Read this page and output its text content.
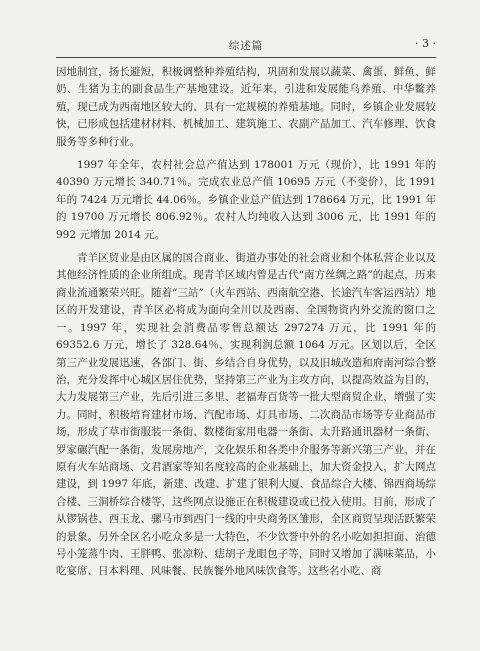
综述篇	· 3 ·

因地制宜，扬长避短，积极调整种养殖结构，巩固和发展以蔬菜、禽蛋、鲜鱼、鲜奶、生猪为主的副食品生产基地建设。近年来，引进和发展能乌养殖、中华鳖养殖，现已成为西南地区较大的、具有一定规模的养殖基地。同时，乡镇企业发展较快，已形成包括建材材料、机械加工、建筑施工、农副产品加工、汽车修理、饮食服务等多种行业。

1997 年全年，农村社会总产值达到 178001 万元（现价），比 1991 年的 40390 万元增长 340.71％。完成农业总产值 10695 万元（不变价），比 1991 年的 7424 万元增长 44.06％。乡镇企业总产值达到 178664 万元，比 1991 年的 19700 万元增长 806.92％。农村人均纯收入达到 3006 元，比 1991 年的 992 元增加 2014 元。

青羊区贸业是由区属的国合商业、街道办事处的社会商业和个体私营企业以及其他经济性质的企业所组成。现青羊区域内曾是古代“南方丝绸之路”的起点，历来商业流通繁荣兴旺。随着“三站”（火车西站、西南航空港、长途汽车客运西站）地区的开发建设，青羊区必将成为面向全川以及西南、全国物资内外交流的窗口之一。1997 年，实现社会消费品零售总额达 297274 万元，比 1991 年的 69352.6 万元，增长了 328.64％，实现利润总额 1064 万元。区划以后，全区第三产业发展迅速，各部门、街、乡结合自身优势，以及旧城改造和府南河综合整治，充分发挥中心城区居住优势，坚持第三产业为主攻方向，以提高效益为目的，大力发展第三产业，先后引进三多里、老福寿百货等一批大型商贸企业，增强了实力。同时，积极培育建材市场、汽配市场、灯具市场、二次商品市场等专业商品市场，形成了草市街服装一条街、数楼街家用电器一条街、太升路通讯器材一条街、罗家碾汽配一条街，发展房地产，文化娱乐和各类中介服务等新兴第三产业，并在原有火车站商场、文君酒家等知名度较高的企业基础上，加大资金投入，扩大网点建设，到 1997 年底，新建、改建、扩建了银利大厦、食品综合大楼、锦西商场综合楼、三洞桥综合楼等，这些网点设施正在积极建设或已投入使用。目前，形成了从锣锅巷、西玉龙、骡马市到西门一线的中央商务区雏形，全区商贸呈现活跃繁荣的景象。另外全区名小吃众多是一大特色，不少饮誉中外的名小吃如担担面、治德号小笼蒸牛肉、王胖鸭、张凉粉、痣胡子龙眼包子等，同时又增加了满味菜品，小吃宴席、日本料理、风味餐、民族餐外地风味饮食等。这些名小吃、商
